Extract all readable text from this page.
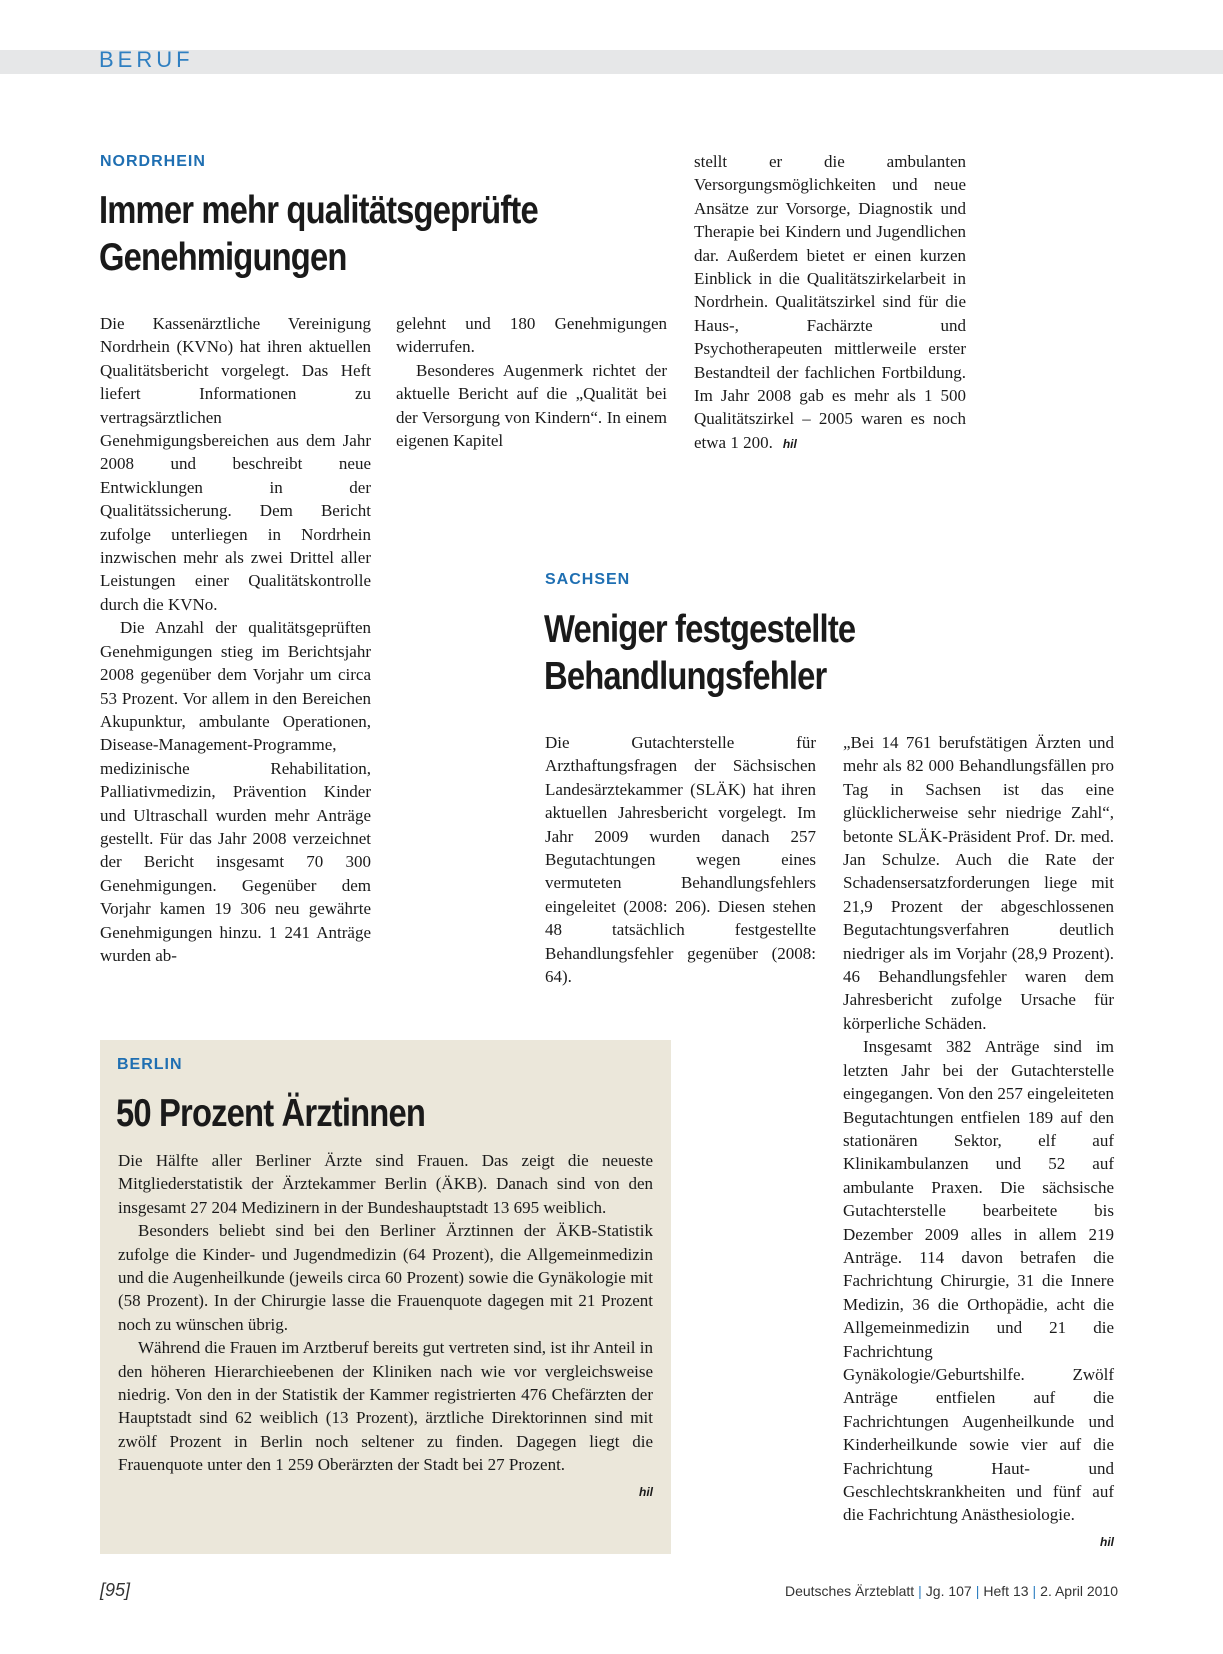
BERUF
NORDRHEIN
Immer mehr qualitätsgeprüfte
Genehmigungen

Die Kassenärztliche Vereinigung Nordrhein (KVNo) hat ihren aktuellen Qualitätsbericht vorgelegt. Das Heft liefert Informationen zu vertragsärztlichen Genehmigungsbereichen aus dem Jahr 2008 und beschreibt neue Entwicklungen in der Qualitätssicherung. Dem Bericht zufolge unterliegen in Nordrhein inzwischen mehr als zwei Drittel aller Leistungen einer Qualitätskontrolle durch die KVNo.

Die Anzahl der qualitätsgeprüften Genehmigungen stieg im Berichtsjahr 2008 gegenüber dem Vorjahr um circa 53 Prozent. Vor allem in den Bereichen Akupunktur, ambulante Operationen, Disease-Management-Programme, medizinische Rehabilitation, Palliativmedizin, Prävention Kinder und Ultraschall wurden mehr Anträge gestellt. Für das Jahr 2008 verzeichnet der Bericht insgesamt 70 300 Genehmigungen. Gegenüber dem Vorjahr kamen 19 306 neu gewährte Genehmigungen hinzu. 1 241 Anträge wurden ab-

gelehnt und 180 Genehmigungen widerrufen.

Besonderes Augenmerk richtet der aktuelle Bericht auf die „Qualität bei der Versorgung von Kindern“. In einem eigenen Kapitel

stellt er die ambulanten Versorgungsmöglichkeiten und neue Ansätze zur Vorsorge, Diagnostik und Therapie bei Kindern und Jugendlichen dar. Außerdem bietet er einen kurzen Einblick in die Qualitätszirkelarbeit in Nordrhein. Qualitätszirkel sind für die Haus-, Fachärzte und Psychotherapeuten mittlerweile erster Bestandteil der fachlichen Fortbildung. Im Jahr 2008 gab es mehr als 1 500 Qualitätszirkel – 2005 waren es noch etwa 1 200. hil

SACHSEN
Weniger festgestellte
Behandlungsfehler

Die Gutachterstelle für Arzthaftungsfragen der Sächsischen Landesärztekammer (SLÄK) hat ihren aktuellen Jahresbericht vorgelegt. Im Jahr 2009 wurden danach 257 Begutachtungen wegen eines vermuteten Behandlungsfehlers eingeleitet (2008: 206). Diesen stehen 48 tatsächlich festgestellte Behandlungsfehler gegenüber (2008: 64).

„Bei 14 761 berufstätigen Ärzten und mehr als 82 000 Behandlungsfällen pro Tag in Sachsen ist das eine glücklicherweise sehr niedrige Zahl“, betonte SLÄK-Präsident Prof. Dr. med. Jan Schulze. Auch die Rate der Schadensersatzforderungen liege mit 21,9 Prozent der abgeschlossenen Begutachtungsverfahren deutlich niedriger als im Vorjahr (28,9 Prozent). 46 Behandlungsfehler waren dem Jahresbericht zufolge Ursache für körperliche Schäden.

Insgesamt 382 Anträge sind im letzten Jahr bei der Gutachterstelle eingegangen. Von den 257 eingeleiteten Begutachtungen entfielen 189 auf den stationären Sektor, elf auf Klinikambulanzen und 52 auf ambulante Praxen. Die sächsische Gutachterstelle bearbeitete bis Dezember 2009 alles in allem 219 Anträge. 114 davon betrafen die Fachrichtung Chirurgie, 31 die Innere Medizin, 36 die Orthopädie, acht die Allgemeinmedizin und 21 die Fachrichtung Gynäkologie/Geburtshilfe. Zwölf Anträge entfielen auf die Fachrichtungen Augenheilkunde und Kinderheilkunde sowie vier auf die Fachrichtung Haut- und Geschlechtskrankheiten und fünf auf die Fachrichtung Anästhesiologie.

hil
BERLIN
50 Prozent Ärztinnen

Die Hälfte aller Berliner Ärzte sind Frauen. Das zeigt die neueste Mitgliederstatistik der Ärztekammer Berlin (ÄKB). Danach sind von den insgesamt 27 204 Medizinern in der Bundeshauptstadt 13 695 weiblich.

Besonders beliebt sind bei den Berliner Ärztinnen der ÄKB-Statistik zufolge die Kinder- und Jugendmedizin (64 Prozent), die Allgemeinmedizin und die Augenheilkunde (jeweils circa 60 Prozent) sowie die Gynäkologie mit (58 Prozent). In der Chirurgie lasse die Frauenquote dagegen mit 21 Prozent noch zu wünschen übrig.

Während die Frauen im Arztberuf bereits gut vertreten sind, ist ihr Anteil in den höheren Hierarchieebenen der Kliniken nach wie vor vergleichsweise niedrig. Von den in der Statistik der Kammer registrierten 476 Chefärzten der Hauptstadt sind 62 weiblich (13 Prozent), ärztliche Direktorinnen sind mit zwölf Prozent in Berlin noch seltener zu finden. Dagegen liegt die Frauenquote unter den 1 259 Oberärzten der Stadt bei 27 Prozent.

hil
[95]	Deutsches Ärzteblatt | Jg. 107 | Heft 13 | 2. April 2010
